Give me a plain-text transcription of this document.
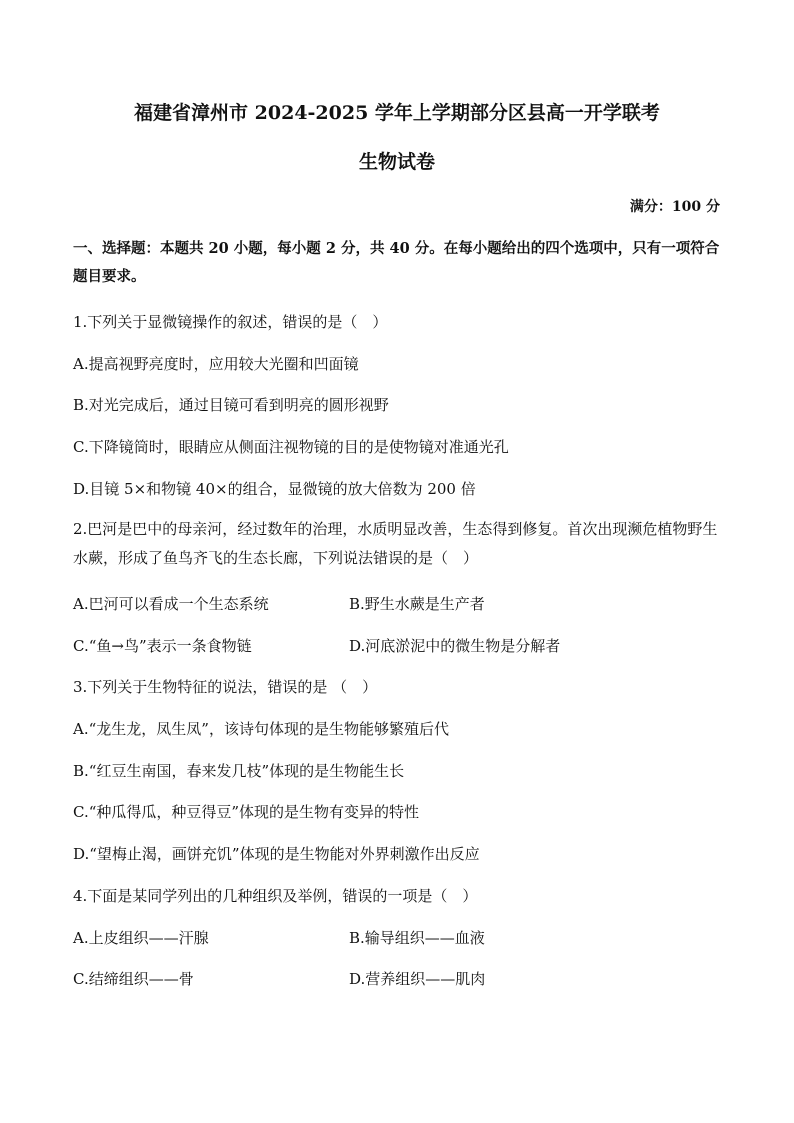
福建省漳州市 2024-2025 学年上学期部分区县高一开学联考
生物试卷
满分：100 分
一、选择题：本题共 20 小题，每小题 2 分，共 40 分。在每小题给出的四个选项中，只有一项符合题目要求。
1.下列关于显微镜操作的叙述，错误的是（　）
A.提高视野亮度时，应用较大光圈和凹面镜
B.对光完成后，通过目镜可看到明亮的圆形视野
C.下降镜筒时，眼睛应从侧面注视物镜的目的是使物镜对准通光孔
D.目镜 5×和物镜 40×的组合，显微镜的放大倍数为 200 倍
2.巴河是巴中的母亲河，经过数年的治理，水质明显改善，生态得到修复。首次出现濒危植物野生水蕨，形成了鱼鸟齐飞的生态长廊，下列说法错误的是（　）
A.巴河可以看成一个生态系统	B.野生水蕨是生产者
C.“鱼→鸟”表示一条食物链	D.河底淤泥中的微生物是分解者
3.下列关于生物特征的说法，错误的是 （　）
A.“龙生龙，凤生凤”，该诗句体现的是生物能够繁殖后代
B.“红豆生南国，春来发几枝”体现的是生物能生长
C.“种瓜得瓜，种豆得豆”体现的是生物有变异的特性
D.“望梅止渴，画饼充饥”体现的是生物能对外界刺激作出反应
4.下面是某同学列出的几种组织及举例，错误的一项是（　）
A.上皮组织——汗腺	B.输导组织——血液
C.结缔组织——骨	D.营养组织——肌肉
